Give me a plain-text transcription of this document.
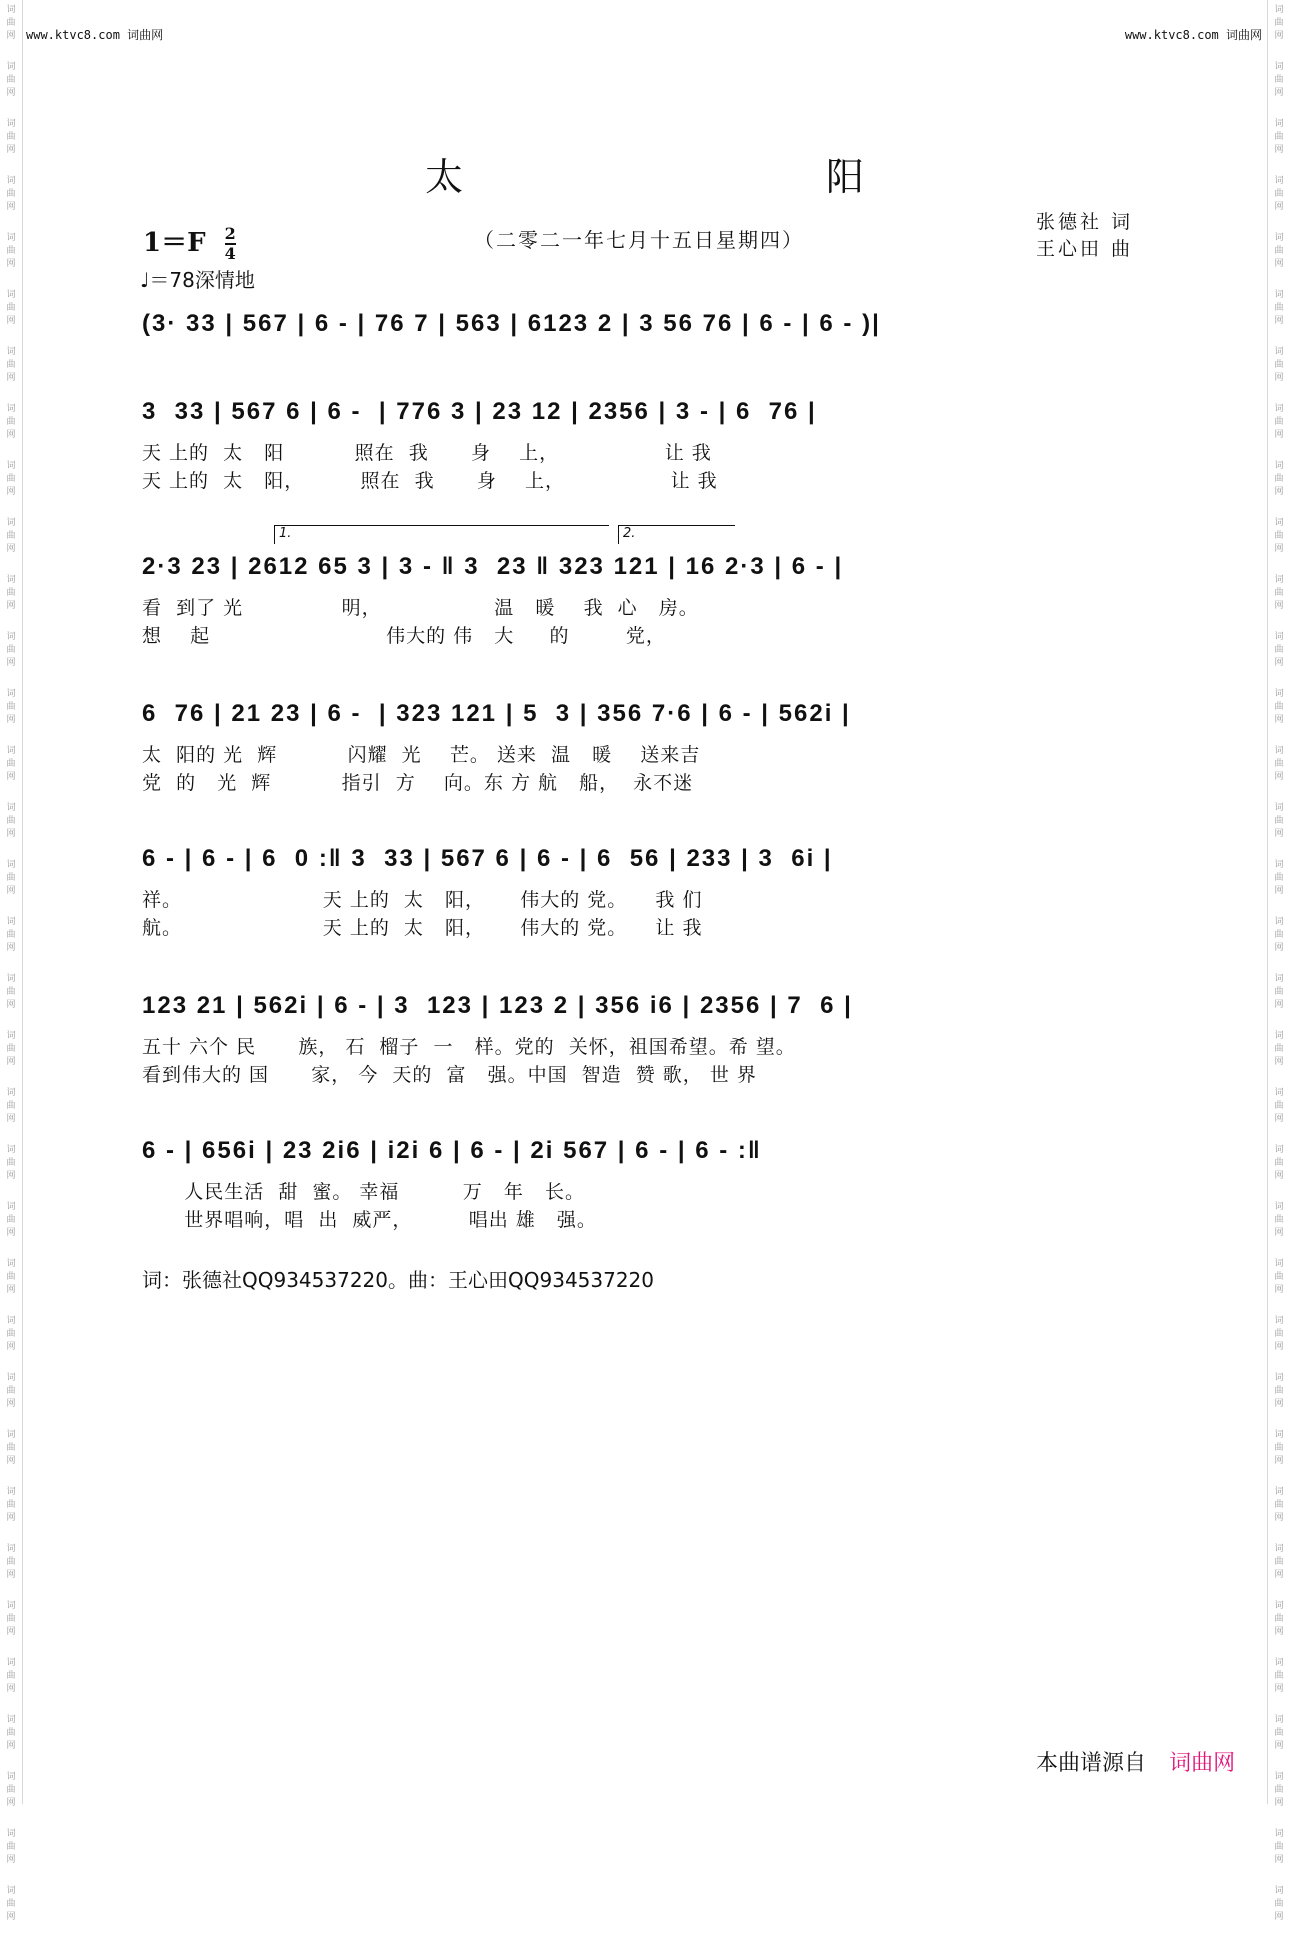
词
曲
网
词
曲
网
词
曲
网
词
曲
网
词
曲
网
词
曲
网
词
曲
网
词
曲
网
词
曲
网
词
曲
网
词
曲
网
词
曲
网
词
曲
网
词
曲
网
词
曲
网
词
曲
网
词
曲
网
词
曲
网
词
曲
网
词
曲
网
词
曲
网
词
曲
网
词
曲
网
词
曲
网
词
曲
网
词
曲
网
词
曲
网
词
曲
网
词
曲
网
词
曲
网
词
曲
网
词
曲
网
词
曲
网
词
曲
网
词
曲
网
词
曲
网
词
曲
网
词
曲
网
词
曲
网
词
曲
网
词
曲
网
词
曲
网
词
曲
网
词
曲
网
词
曲
网
词
曲
网
词
曲
网
词
曲
网
词
曲
网
词
曲
网
词
曲
网
词
曲
网
词
曲
网
词
曲
网
词
曲
网
词
曲
网
词
曲
网
词
曲
网
词
曲
网
词
曲
网
词
曲
网
词
曲
网
词
曲
网
词
曲
网
词
曲
网
词
曲
网
词
曲
网
词
曲
网
www.ktvc8.com 词曲网	www.ktvc8.com 词曲网
太	阳
$1=F \frac{2}{4}$
♩＝78深情地
（二零二一年七月十五日星期四）
张德社 词
王心田 曲
(3· 33 | 567 | 6 - | 76 7 | 563 | 6123 2 | 3 56 76 | 6 - | 6 - )|
3  33 | 567 6 | 6 -  | 776 3 | 23 12 | 2356 | 3 - | 6  76 |
天 上的  太   阳          照在  我      身    上，               让 我
天 上的  太   阳，        照在  我      身    上，               让 我
1.	2.
2·3 23 | 2612 65 3 | 3 - ‖ 3  23 ‖ 323 121 | 16 2·3 | 6 - |
看  到了 光              明，                温   暖    我  心   房。
想    起                         伟大的 伟   大     的        党，
6  76 | 21 23 | 6 -  | 323 121 | 5  3 | 356 7·6 | 6 - | 562i |
太  阳的 光  辉          闪耀  光    芒。 送来  温   暖    送来吉
党  的   光  辉          指引  方    向。东 方 航   船，  永不迷
6 - | 6 - | 6  0 :‖ 3  33 | 567 6 | 6 - | 6  56 | 233 | 3  6i |
祥。                    天 上的  太   阳，     伟大的 党。    我 们
航。                    天 上的  太   阳，     伟大的 党。    让 我
123 21 | 562i | 6 - | 3  123 | 123 2 | 356 i6 | 2356 | 7  6 |
五十 六个 民      族， 石  榴子  一   样。党的  关怀，祖国希望。希 望。
看到伟大的 国      家， 今  天的  富   强。中国  智造  赞 歌， 世 界
6 - | 656i | 23 2i6 | i2i 6 | 6 - | 2i 567 | 6 - | 6 - :‖
人民生活  甜  蜜。 幸福         万   年   长。
世界唱响，唱  出  威严，        唱出 雄   强。
词：张德社QQ934537220。曲：王心田QQ934537220
本曲谱源自 词曲网
